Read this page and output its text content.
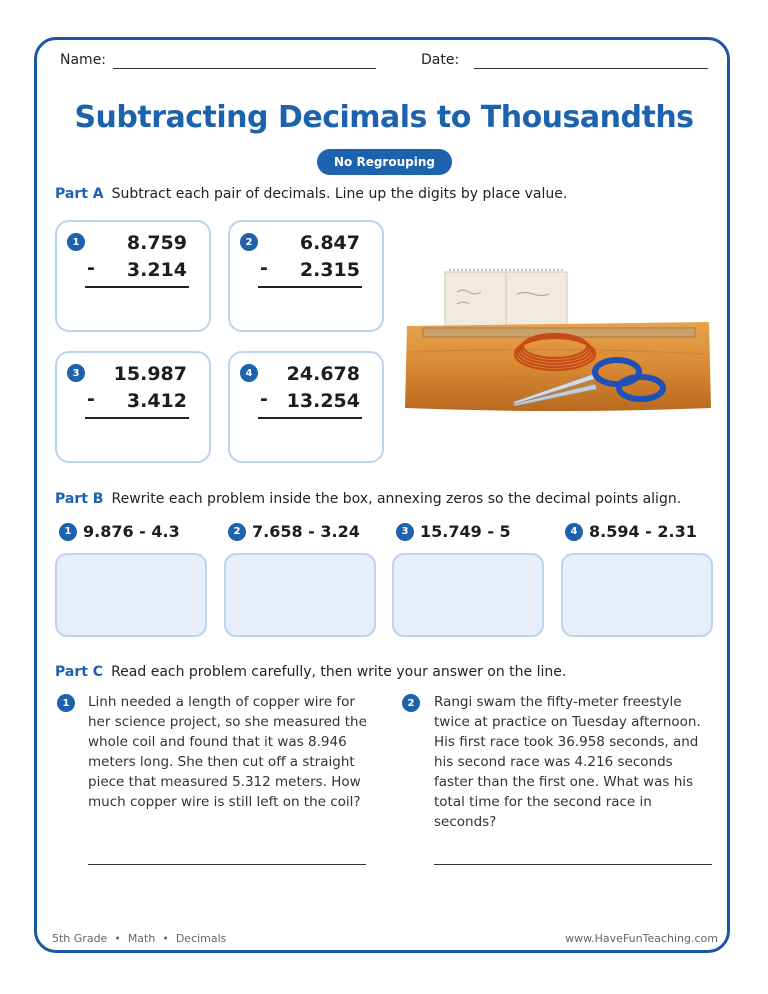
Name:	Date:
Subtracting Decimals to Thousandths
No Regrouping
Part A Subtract each pair of decimals. Line up the digits by place value.
1 8.759
- 3.214
2 6.847
- 2.315
3 15.987
- 3.412
4 24.678
- 13.254
Part B Rewrite each problem inside the box, annexing zeros so the decimal points align.
1 9.876 - 4.3	2 7.658 - 3.24	3 15.749 - 5	4 8.594 - 2.31
Part C Read each problem carefully, then write your answer on the line.
1	Linh needed a length of copper wire for
her science project, so she measured the
whole coil and found that it was 8.946
meters long. She then cut off a straight
piece that measured 5.312 meters. How
much copper wire is still left on the coil?
2	Rangi swam the fifty-meter freestyle
twice at practice on Tuesday afternoon.
His first race took 36.958 seconds, and
his second race was 4.216 seconds
faster than the first one. What was his
total time for the second race in
seconds?
5th Grade  •  Math  •  Decimals	www.HaveFunTeaching.com
